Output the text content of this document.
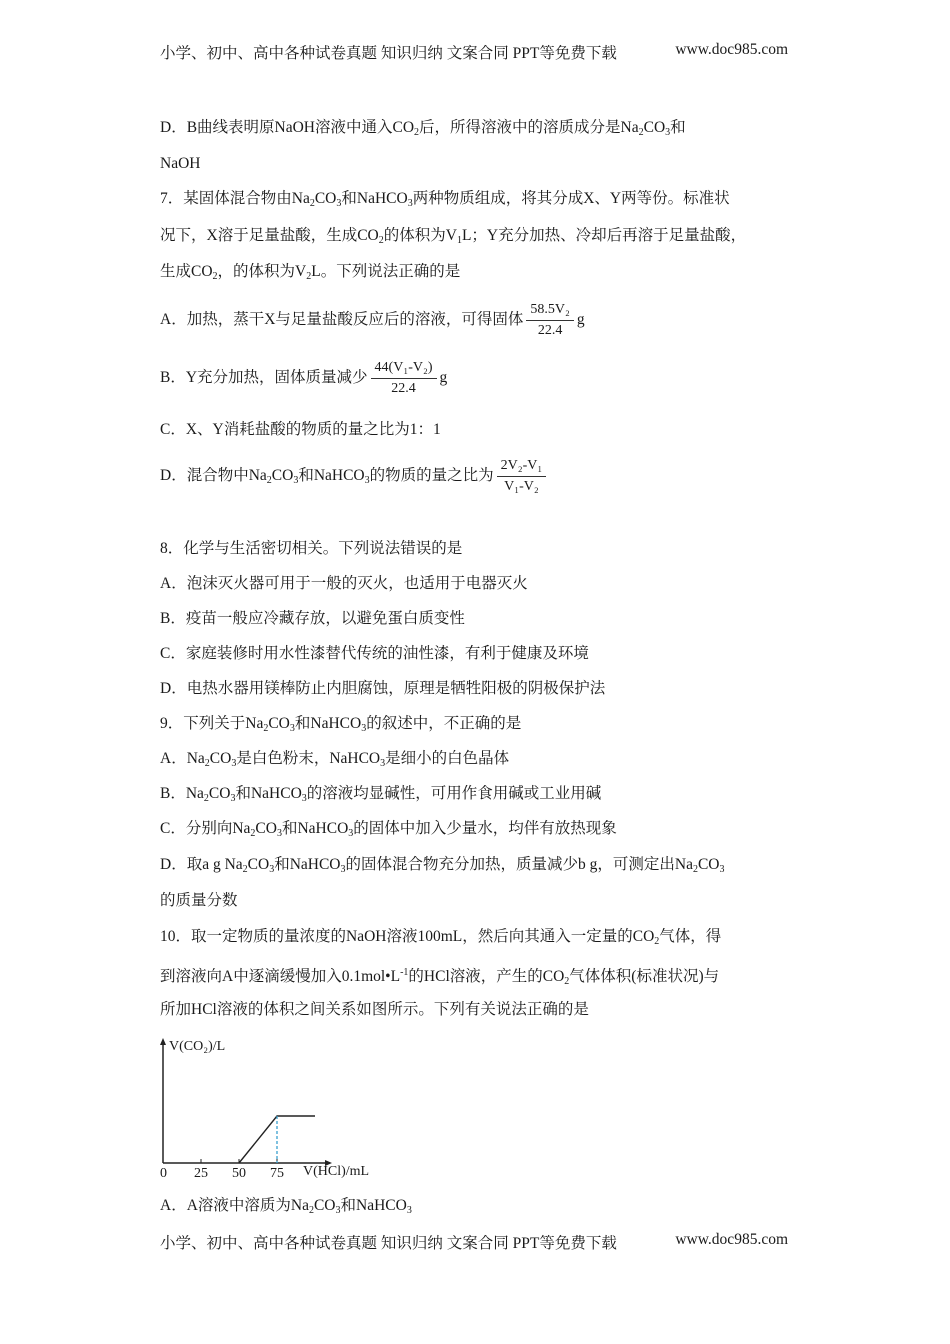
小学、初中、高中各种试卷真题 知识归纳 文案合同 PPT等免费下载	www.doc985.com
D．B曲线表明原NaOH溶液中通入$CO_2$后，所得溶液中的溶质成分是$Na_2CO_3$和
NaOH
7．某固体混合物由$Na_2CO_3$和NaHCO$_3$两种物质组成，将其分成X、Y两等份。标准状
况下，X溶于足量盐酸，生成$CO_2$的体积为$V_1L$；Y充分加热、冷却后再溶于足量盐酸，
生成$CO_2$，的体积为$V_2L$。下列说法正确的是
A．加热，蒸干X与足量盐酸反应后的溶液，可得固体 $\frac{\text{58.5V₂}}{22.4}$ g
B．Y充分加热，固体质量减少 $\frac{\text{44(V₁-V₂)}}{22.4}$ g
C．X、Y消耗盐酸的物质的量之比为1：1
D．混合物中$Na_2CO_3$和NaHCO$_3$的物质的量之比为 $\frac{\text{2V₂-V₁}}{\text{V₁-V₂}}$
8．化学与生活密切相关。下列说法错误的是
A．泡沫灭火器可用于一般的灭火，也适用于电器灭火
B．疫苗一般应冷藏存放，以避免蛋白质变性
C．家庭装修时用水性漆替代传统的油性漆，有利于健康及环境
D．电热水器用镁棒防止内胆腐蚀，原理是牺牲阳极的阴极保护法
9．下列关于$Na_2CO_3$和NaHCO$_3$的叙述中，不正确的是
A．$Na_2CO_3$是白色粉末，NaHCO$_3$是细小的白色晶体
B．$Na_2CO_3$和NaHCO$_3$的溶液均显碱性，可用作食用碱或工业用碱
C．分别向$Na_2CO_3$和NaHCO$_3$的固体中加入少量水，均伴有放热现象
D．取a g $Na_2CO_3$和NaHCO$_3$的固体混合物充分加热，质量减少b g，可测定出$Na_2CO_3$
的质量分数
10．取一定物质的量浓度的NaOH溶液100mL，然后向其通入一定量的$CO_2$气体，得
到溶液向A中逐滴缓慢加入$0.1mol•L^{-1}$的HCl溶液，产生的$CO_2$气体体积(标准状况)与
所加HCl溶液的体积之间关系如图所示。下列有关说法正确的是
A．A溶液中溶质为$Na_2CO_3$和NaHCO$_3$
V(CO₂)/L
V(HCl)/mL
0 25 50 75
小学、初中、高中各种试卷真题 知识归纳 文案合同 PPT等免费下载	www.doc985.com
